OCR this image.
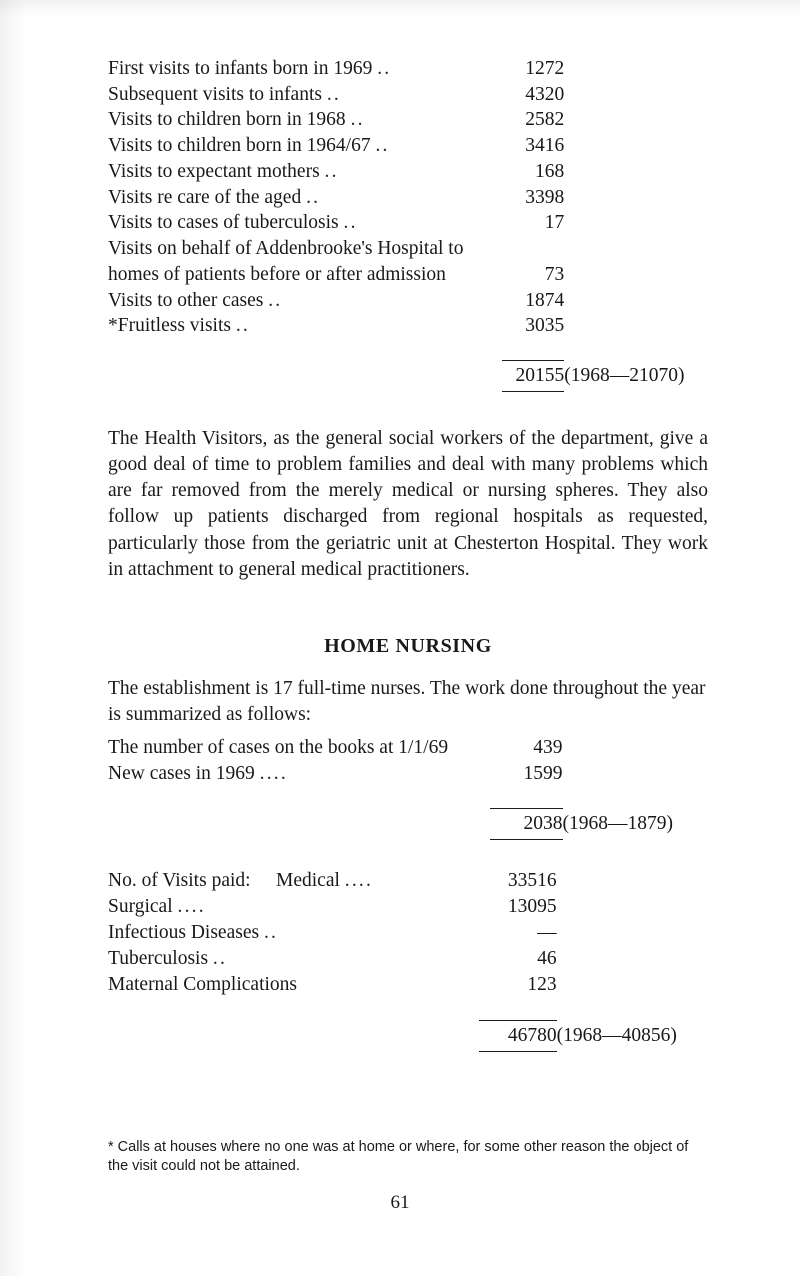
First visits to infants born in 1969 ..	1272	
Subsequent visits to infants ..	4320	
Visits to children born in 1968 ..	2582	
Visits to children born in 1964/67 ..	3416	
Visits to expectant mothers ..	168	
Visits re care of the aged ..	3398	
Visits to cases of tuberculosis ..	17	
Visits on behalf of Addenbrooke's Hospital to		
homes of patients before or after admission	73	
Visits to other cases ..	1874	
*Fruitless visits ..	3035	

	20155	(1968—21070)

The Health Visitors, as the general social workers of the department, give a good deal of time to problem families and deal with many problems which are far removed from the merely medical or nursing spheres. They also follow up patients discharged from regional hospitals as requested, particularly those from the geriatric unit at Chesterton Hospital. They work in attachment to general medical practitioners.

HOME NURSING

The establishment is 17 full-time nurses. The work done throughout the year is summarized as follows:

The number of cases on the books at 1/1/69	439	
New cases in 1969 ....	1599	

	2038	(1968—1879)

No. of Visits paid: Medical ....	33516	
Surgical ....	13095	
Infectious Diseases ..	—	
Tuberculosis ..	46	
Maternal Complications	123	

	46780	(1968—40856)

* Calls at houses where no one was at home or where, for some other reason the object of the visit could not be attained.
61
